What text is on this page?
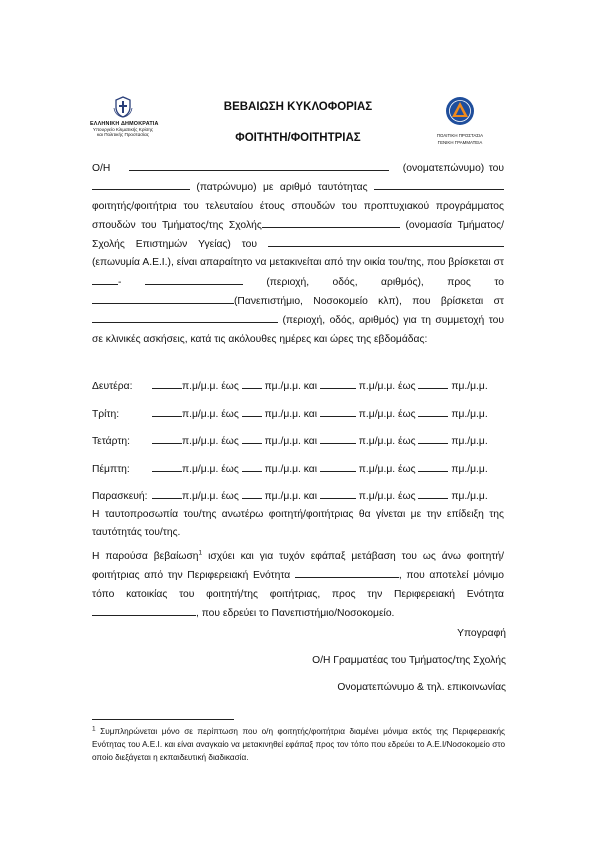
ΕΛΛΗΝΙΚΗ ΔΗΜΟΚΡΑΤΙΑ
Υπουργείο Κλιματικής Κρίσης
και Πολιτικής Προστασίας	ΠΟΛΙΤΙΚΗ ΠΡΟΣΤΑΣΙΑ
ΓΕΝΙΚΗ ΓΡΑΜΜΑΤΕΙΑ
ΒΕΒΑΙΩΣΗ ΚΥΚΛΟΦΟΡΙΑΣ
ΦΟΙΤΗΤΗ/ΦΟΙΤΗΤΡΙΑΣ
Ο/Η	(ονοματεπώνυμο) του  (πατρώνυμο) με αριθμό ταυτότητας  φοιτητής/φοιτήτρια του τελευταίου έτους σπουδών του προπτυχιακού προγράμματος σπουδών του Τμήματος/της Σχολής	(ονομασία Τμήματος/Σχολής Επιστημών Υγείας) του (επωνυμία Α.Ε.Ι.), είναι απαραίτητο να μετακινείται από την οικία του/της, που βρίσκεται στ-	(περιοχή, οδός, αριθμός), προς το (Πανεπιστήμιο, Νοσοκομείο κλπ), που βρίσκεται στ (περιοχή, οδός, αριθμός) για τη συμμετοχή του σε κλινικές ασκήσεις, κατά τις ακόλουθες ημέρες και ώρες της εβδομάδας:
Δευτέρα:	π.μ/μ.μ. έως	πμ./μ.μ. και	π.μ/μ.μ. έως	πμ./μ.μ.
Τρίτη:	π.μ/μ.μ. έως	πμ./μ.μ. και	π.μ/μ.μ. έως	πμ./μ.μ.
Τετάρτη:	π.μ/μ.μ. έως	πμ./μ.μ. και	π.μ/μ.μ. έως	πμ./μ.μ.
Πέμπτη:	π.μ/μ.μ. έως	πμ./μ.μ. και	π.μ/μ.μ. έως	πμ./μ.μ.
Παρασκευή:	π.μ/μ.μ. έως	πμ./μ.μ. και	π.μ/μ.μ. έως	πμ./μ.μ.
Η ταυτοπροσωπία του/της ανωτέρω φοιτητή/φοιτήτριας θα γίνεται με την επίδειξη της ταυτότητάς του/της.
Η παρούσα βεβαίωση$^1$ ισχύει και για τυχόν εφάπαξ μετάβαση του ως άνω φοιτητή/ φοιτήτριας από την Περιφερειακή Ενότητα	, που αποτελεί μόνιμο τόπο κατοικίας του φοιτητή/της φοιτήτριας, προς την Περιφερειακή Ενότητα , που εδρεύει το Πανεπιστήμιο/Νοσοκομείο.
Υπογραφή
Ο/Η Γραμματέας του Τμήματος/της Σχολής
Ονοματεπώνυμο & τηλ. επικοινωνίας
$^1$ Συμπληρώνεται μόνο σε περίπτωση που ο/η φοιτητής/φοιτήτρια διαμένει μόνιμα εκτός της Περιφερειακής Ενότητας του Α.Ε.Ι. και είναι αναγκαίο να μετακινηθεί εφάπαξ προς τον τόπο που εδρεύει το Α.Ε.Ι/Νοσοκομείο στο οποίο διεξάγεται η εκπαιδευτική διαδικασία.
